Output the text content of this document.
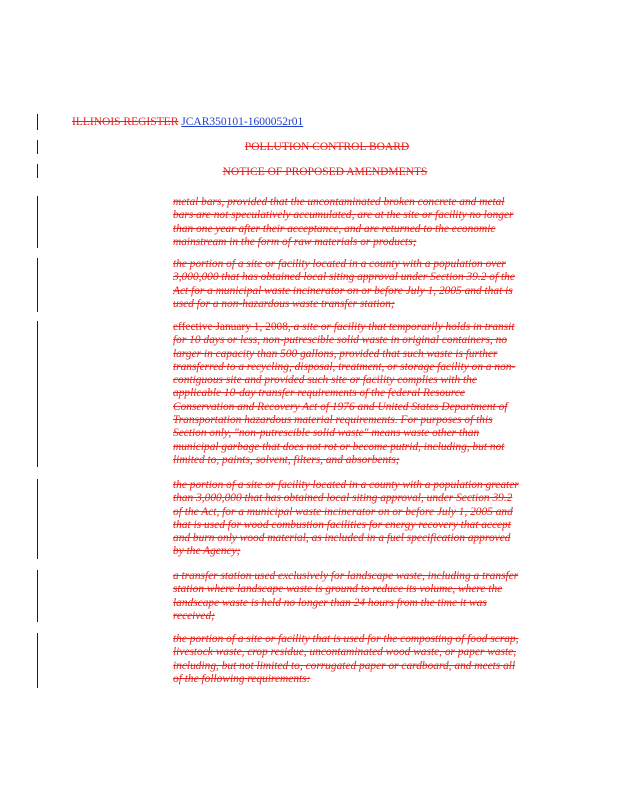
ILLINOIS REGISTER JCAR350101-1600052r01
POLLUTION CONTROL BOARD
NOTICE OF PROPOSED AMENDMENTS

metal bars, provided that the uncontaminated broken concrete and metal bars are not speculatively accumulated, are at the site or facility no longer than one year after their acceptance, and are returned to the economic mainstream in the form of raw materials or products;

the portion of a site or facility located in a county with a population over 3,000,000 that has obtained local siting approval under Section 39.2 of the Act for a municipal waste incinerator on or before July 1, 2005 and that is used for a non-hazardous waste transfer station;

effective January 1, 2008, a site or facility that temporarily holds in transit for 10 days or less, non-putrescible solid waste in original containers, no larger in capacity than 500 gallons, provided that such waste is further transferred to a recycling, disposal, treatment, or storage facility on a non-contiguous site and provided such site or facility complies with the applicable 10-day transfer requirements of the federal Resource Conservation and Recovery Act of 1976 and United States Department of Transportation hazardous material requirements. For purposes of this Section only, "non-putrescible solid waste" means waste other than municipal garbage that does not rot or become putrid, including, but not limited to, paints, solvent, filters, and absorbents;

the portion of a site or facility located in a county with a population greater than 3,000,000 that has obtained local siting approval, under Section 39.2 of the Act, for a municipal waste incinerator on or before July 1, 2005 and that is used for wood combustion facilities for energy recovery that accept and burn only wood material, as included in a fuel specification approved by the Agency;

a transfer station used exclusively for landscape waste, including a transfer station where landscape waste is ground to reduce its volume, where the landscape waste is held no longer than 24 hours from the time it was received;

the portion of a site or facility that is used for the composting of food scrap, livestock waste, crop residue, uncontaminated wood waste, or paper waste, including, but not limited to, corrugated paper or cardboard, and meets all of the following requirements:
